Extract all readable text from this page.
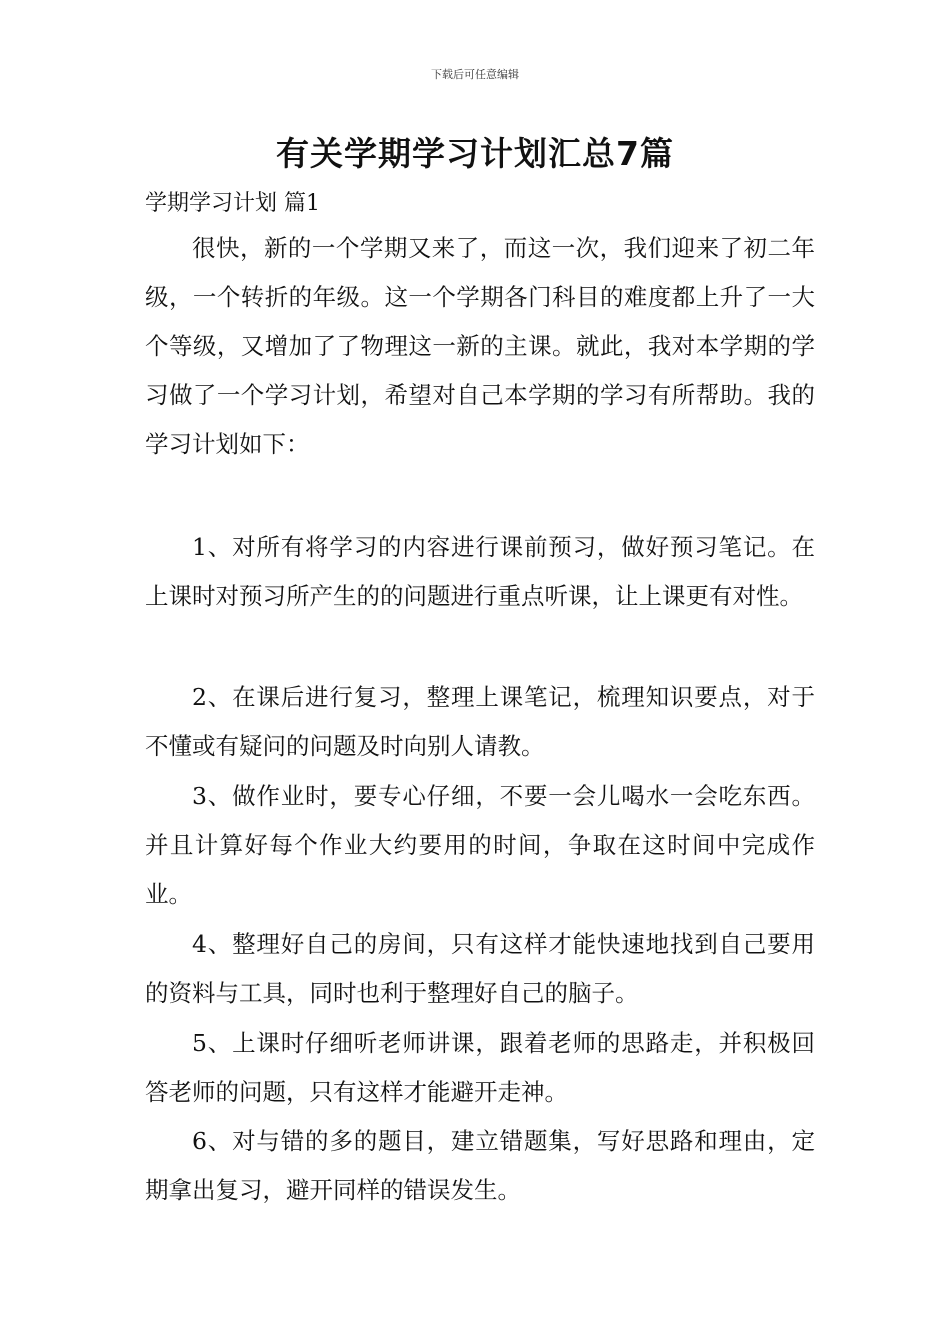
下载后可任意编辑
有关学期学习计划汇总7篇
学期学习计划 篇1

很快，新的一个学期又来了，而这一次，我们迎来了初二年级，一个转折的年级。这一个学期各门科目的难度都上升了一大个等级，又增加了了物理这一新的主课。就此，我对本学期的学习做了一个学习计划，希望对自己本学期的学习有所帮助。我的学习计划如下：

1、对所有将学习的内容进行课前预习，做好预习笔记。在上课时对预习所产生的的问题进行重点听课，让上课更有对性。

2、在课后进行复习，整理上课笔记，梳理知识要点，对于不懂或有疑问的问题及时向别人请教。

3、做作业时，要专心仔细，不要一会儿喝水一会吃东西。并且计算好每个作业大约要用的时间，争取在这时间中完成作业。

4、整理好自己的房间，只有这样才能快速地找到自己要用的资料与工具，同时也利于整理好自己的脑子。

5、上课时仔细听老师讲课，跟着老师的思路走，并积极回答老师的问题，只有这样才能避开走神。

6、对与错的多的题目，建立错题集，写好思路和理由，定期拿出复习，避开同样的错误发生。
